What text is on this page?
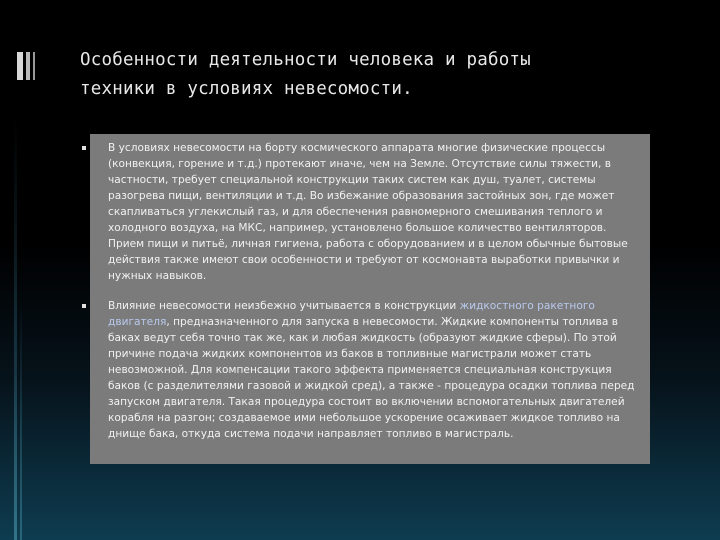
Особенности деятельности человека и работы
техники в условиях невесомости.
В условиях невесомости на борту космического аппарата многие физические процессы
(конвекция, горение и т.д.) протекают иначе, чем на Земле. Отсутствие силы тяжести, в
частности, требует специальной конструкции таких систем как душ, туалет, системы
разогрева пищи, вентиляции и т.д. Во избежание образования застойных зон, где может
скапливаться углекислый газ, и для обеспечения равномерного смешивания теплого и
холодного воздуха, на МКС, например, установлено большое количество вентиляторов.
Прием пищи и питьё, личная гигиена, работа с оборудованием и в целом обычные бытовые
действия также имеют свои особенности и требуют от космонавта выработки привычки и
нужных навыков.
Влияние невесомости неизбежно учитывается в конструкции жидкостного ракетного
двигателя, предназначенного для запуска в невесомости. Жидкие компоненты топлива в
баках ведут себя точно так же, как и любая жидкость (образуют жидкие сферы). По этой
причине подача жидких компонентов из баков в топливные магистрали может стать
невозможной. Для компенсации такого эффекта применяется специальная конструкция
баков (с разделителями газовой и жидкой сред), а также - процедура осадки топлива перед
запуском двигателя. Такая процедура состоит во включении вспомогательных двигателей
корабля на разгон; создаваемое ими небольшое ускорение осаживает жидкое топливо на
днище бака, откуда система подачи направляет топливо в магистраль.
